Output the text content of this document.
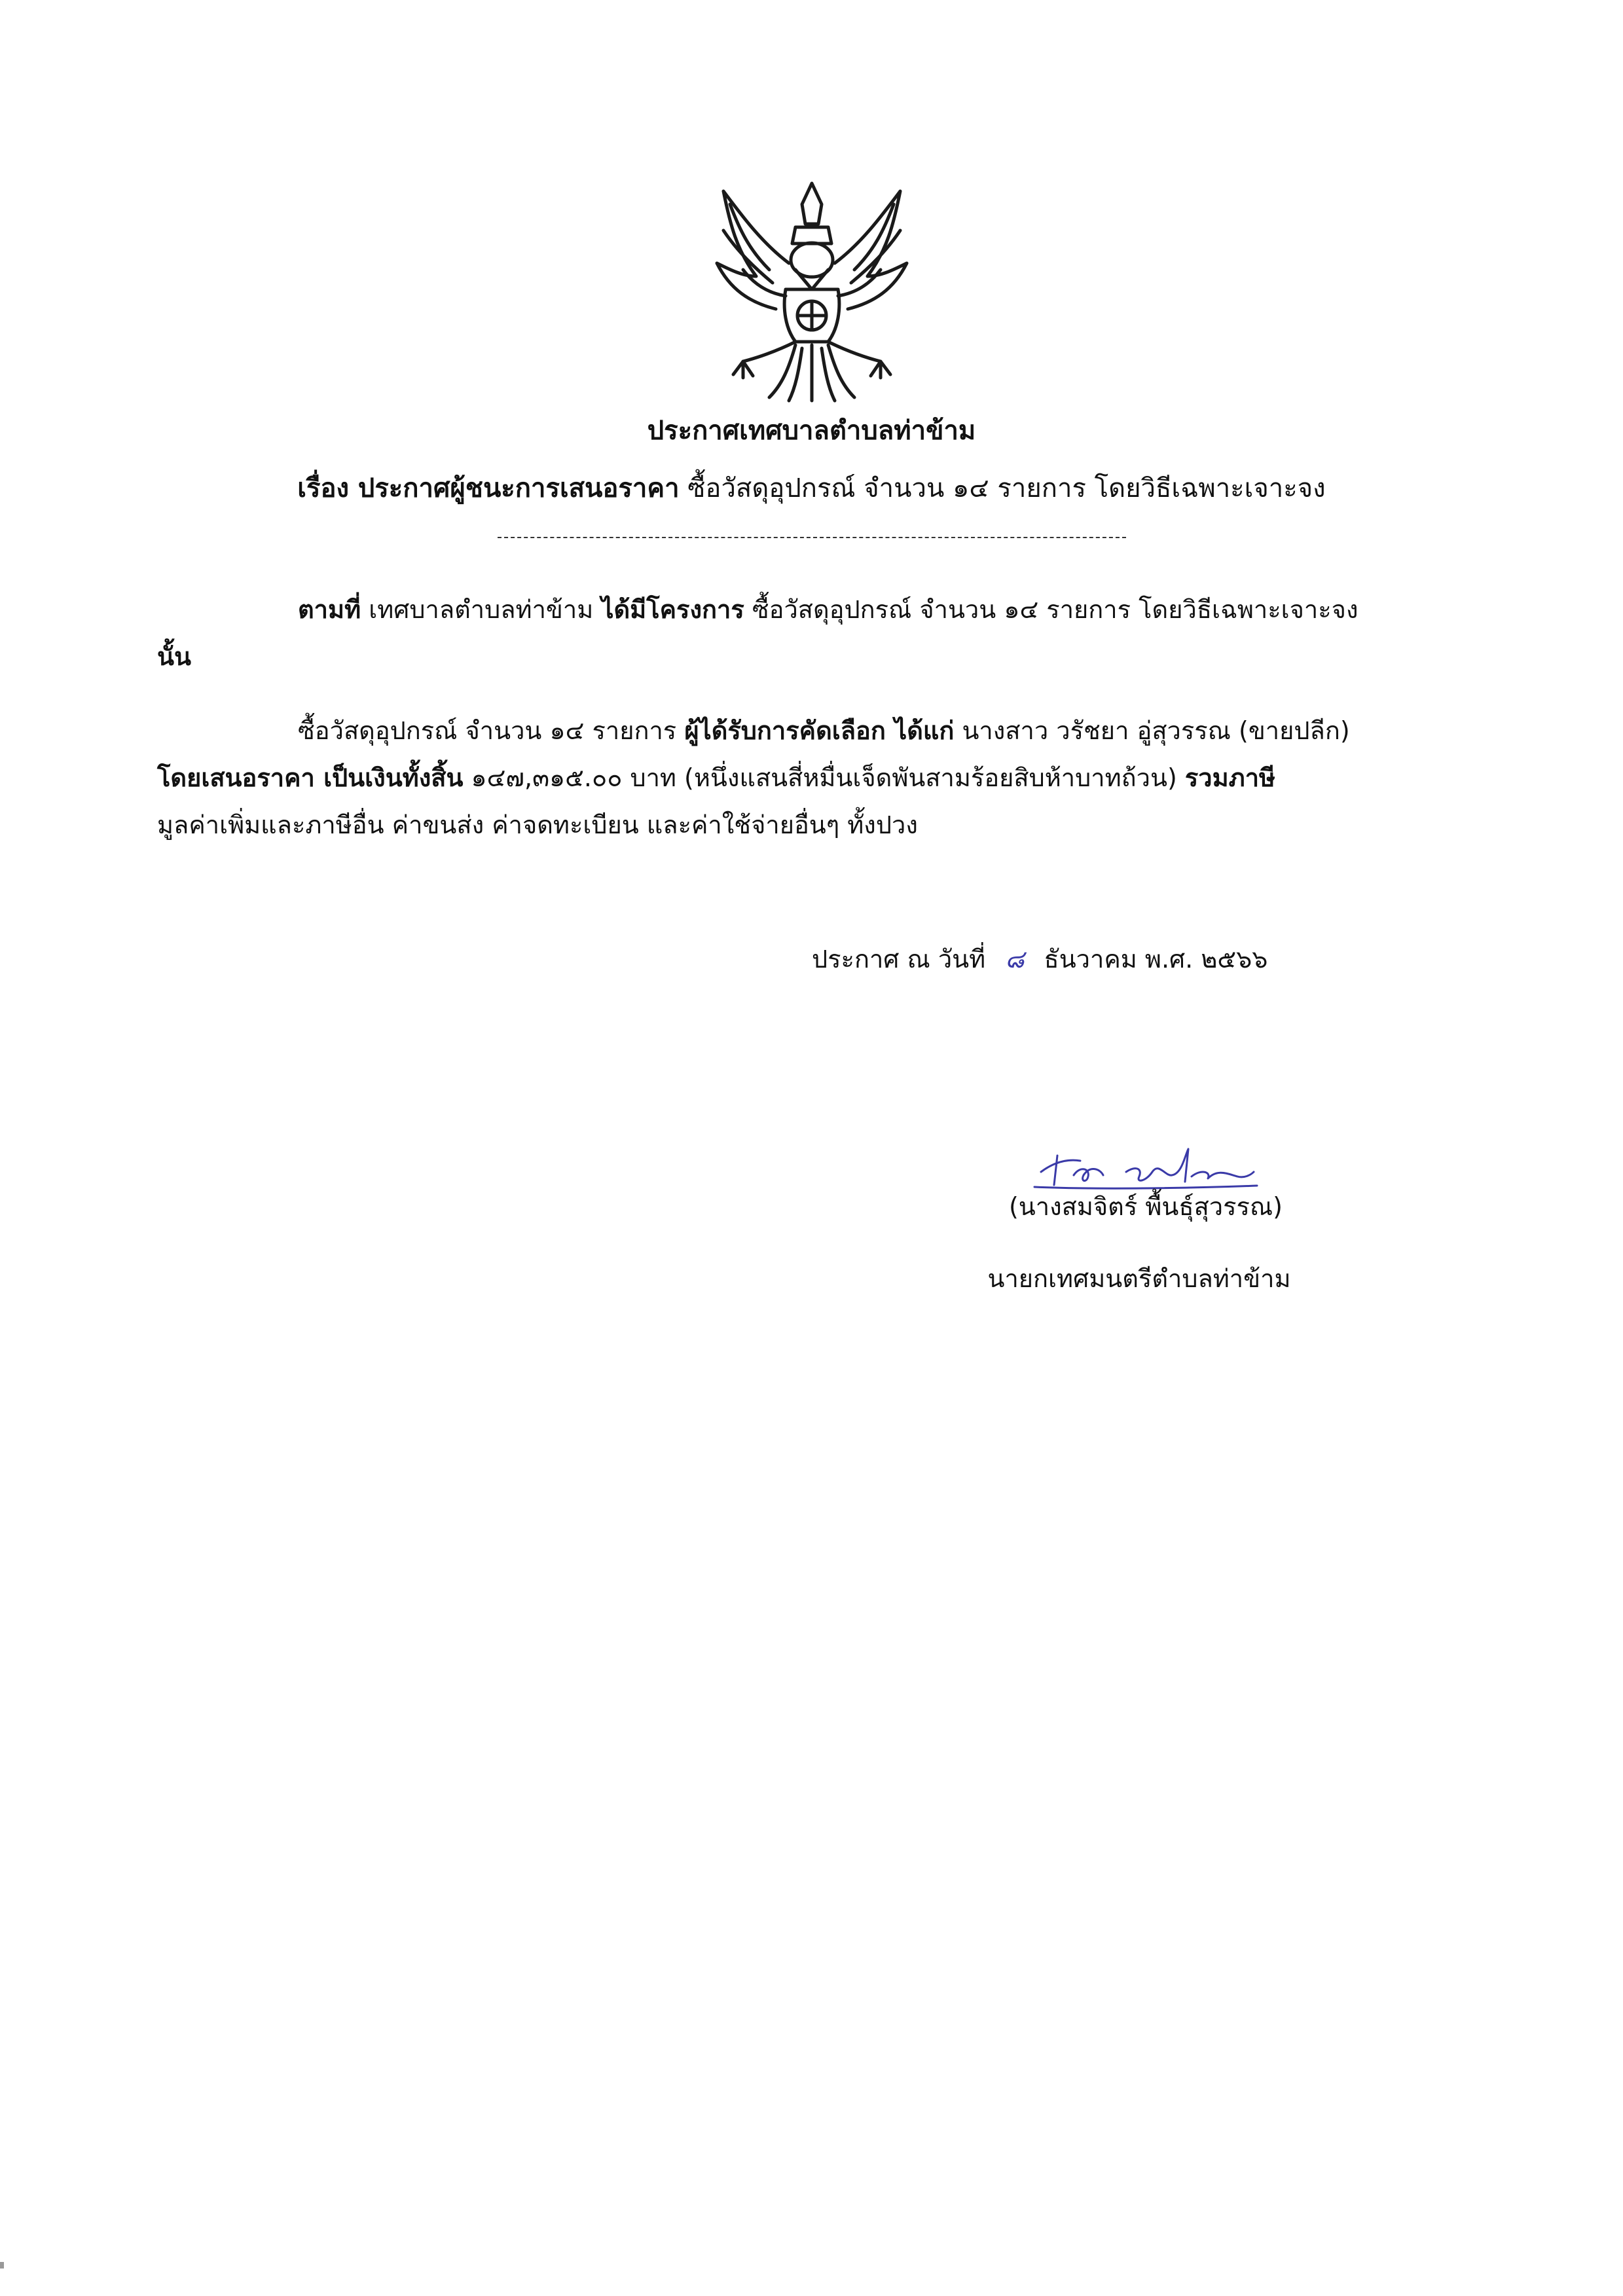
ประกาศเทศบาลตำบลท่าข้าม
เรื่อง ประกาศผู้ชนะการเสนอราคา ซื้อวัสดุอุปกรณ์ จำนวน ๑๔ รายการ โดยวิธีเฉพาะเจาะจง
ตามที่ เทศบาลตำบลท่าข้าม ได้มีโครงการ ซื้อวัสดุอุปกรณ์ จำนวน ๑๔ รายการ โดยวิธีเฉพาะเจาะจง นั้น
ซื้อวัสดุอุปกรณ์ จำนวน ๑๔ รายการ ผู้ได้รับการคัดเลือก ได้แก่ นางสาว วรัชยา อู่สุวรรณ (ขายปลีก) โดยเสนอราคา เป็นเงินทั้งสิ้น ๑๔๗,๓๑๕.๐๐ บาท (หนึ่งแสนสี่หมื่นเจ็ดพันสามร้อยสิบห้าบาทถ้วน) รวมภาษี
มูลค่าเพิ่มและภาษีอื่น ค่าขนส่ง ค่าจดทะเบียน และค่าใช้จ่ายอื่นๆ ทั้งปวง
ประกาศ ณ วันที่ ๘ ธันวาคม พ.ศ. ๒๕๖๖
(นางสมจิตร์ พื้นธุ์สุวรรณ)
นายกเทศมนตรีตำบลท่าข้าม
